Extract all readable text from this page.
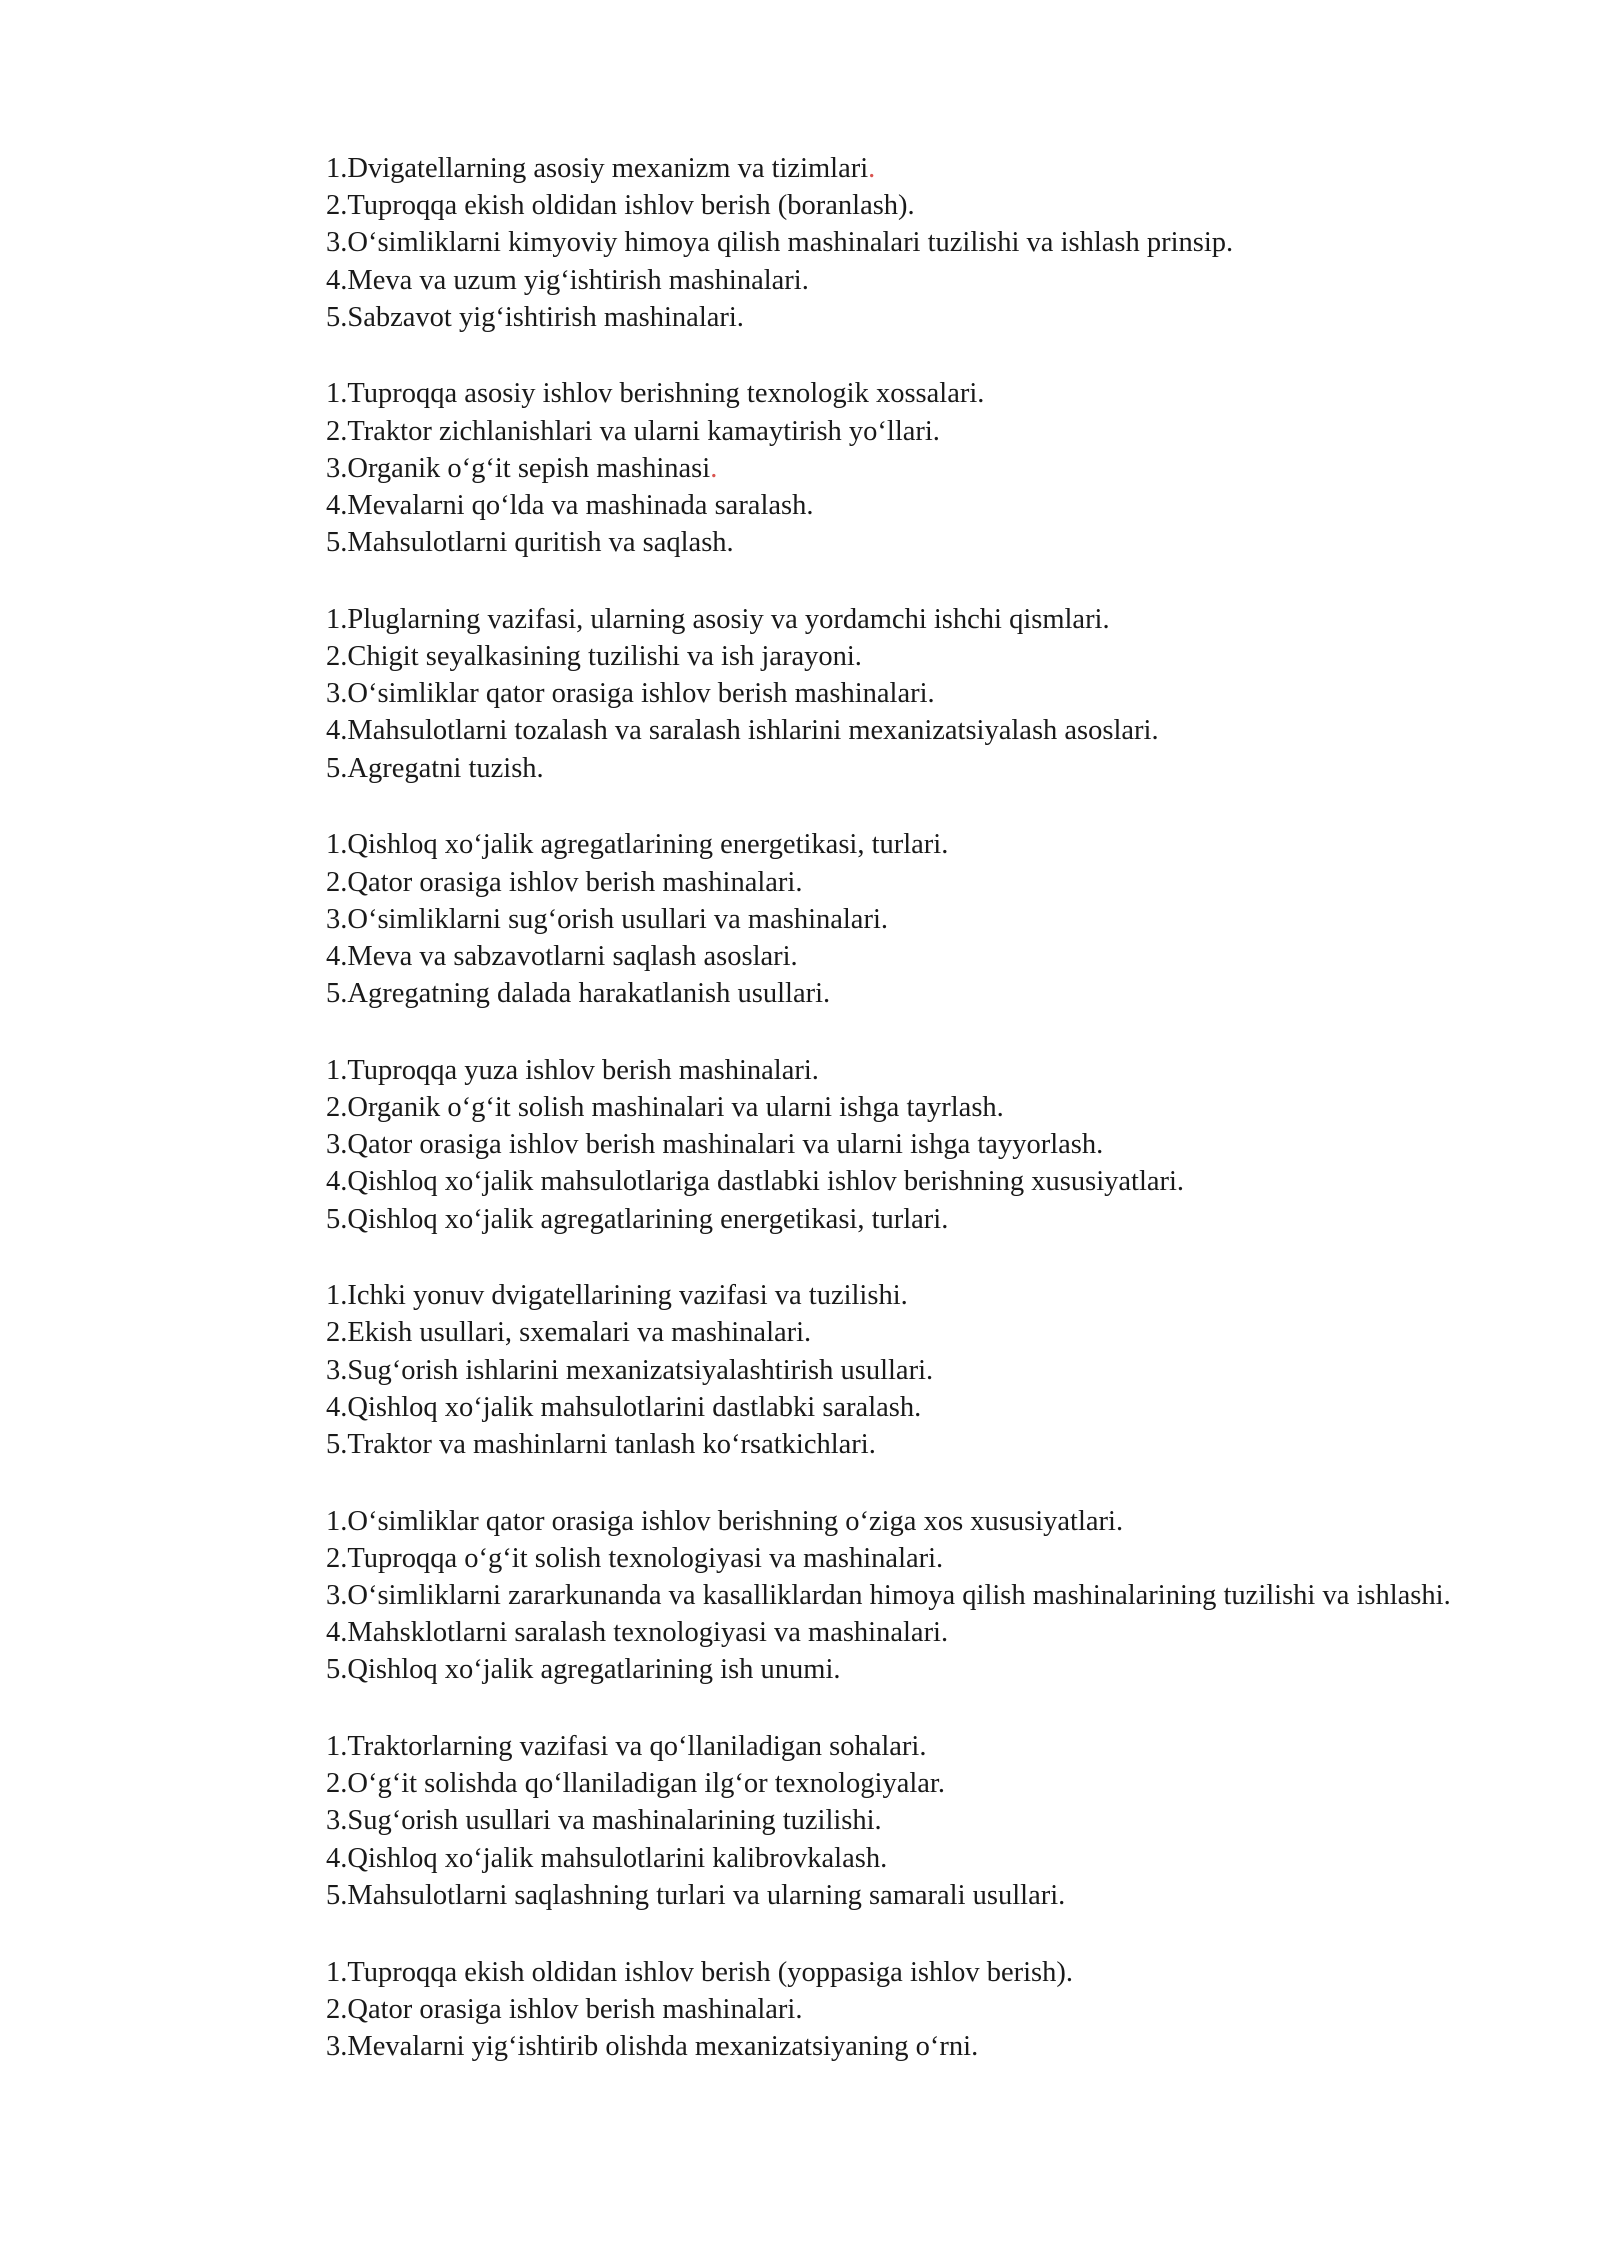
1.Dvigatellarning asosiy mexanizm va tizimlari.
2.Tuproqqa ekish oldidan ishlov berish (boranlash).
3.O‘simliklarni kimyoviy himoya qilish mashinalari tuzilishi va ishlash prinsip.
4.Meva va uzum yig‘ishtirish mashinalari.
5.Sabzavot yig‘ishtirish mashinalari.
1.Tuproqqa asosiy ishlov berishning texnologik xossalari.
2.Traktor zichlanishlari va ularni kamaytirish yo‘llari.
3.Organik o‘g‘it sepish mashinasi.
4.Mevalarni qo‘lda va mashinada saralash.
5.Mahsulotlarni quritish va saqlash.
1.Pluglarning vazifasi, ularning asosiy va yordamchi ishchi qismlari.
2.Chigit seyalkasining tuzilishi va ish jarayoni.
3.O‘simliklar qator orasiga ishlov berish mashinalari.
4.Mahsulotlarni tozalash va saralash ishlarini mexanizatsiyalash asoslari.
5.Agregatni tuzish.
1.Qishloq xo‘jalik agregatlarining energetikasi, turlari.
2.Qator orasiga ishlov berish mashinalari.
3.O‘simliklarni sug‘orish usullari va mashinalari.
4.Meva va sabzavotlarni saqlash asoslari.
5.Agregatning dalada harakatlanish usullari.
1.Tuproqqa yuza ishlov berish mashinalari.
2.Organik o‘g‘it solish mashinalari va ularni ishga tayrlash.
3.Qator orasiga ishlov berish mashinalari va ularni ishga tayyorlash.
4.Qishloq xo‘jalik mahsulotlariga dastlabki ishlov berishning xususiyatlari.
5.Qishloq xo‘jalik agregatlarining energetikasi, turlari.
1.Ichki yonuv dvigatellarining vazifasi va tuzilishi.
2.Ekish usullari, sxemalari va mashinalari.
3.Sug‘orish ishlarini mexanizatsiyalashtirish usullari.
4.Qishloq xo‘jalik mahsulotlarini dastlabki saralash.
5.Traktor va mashinlarni tanlash ko‘rsatkichlari.
1.O‘simliklar qator orasiga ishlov berishning o‘ziga xos xususiyatlari.
2.Tuproqqa o‘g‘it solish texnologiyasi va mashinalari.
3.O‘simliklarni zararkunanda va kasalliklardan himoya qilish mashinalarining tuzilishi va ishlashi.
4.Mahsklotlarni saralash texnologiyasi va mashinalari.
5.Qishloq xo‘jalik agregatlarining ish unumi.
1.Traktorlarning vazifasi va qo‘llaniladigan sohalari.
2.O‘g‘it solishda qo‘llaniladigan ilg‘or texnologiyalar.
3.Sug‘orish usullari va mashinalarining tuzilishi.
4.Qishloq xo‘jalik mahsulotlarini kalibrovkalash.
5.Mahsulotlarni saqlashning turlari va ularning samarali usullari.
1.Tuproqqa ekish oldidan ishlov berish (yoppasiga ishlov berish).
2.Qator orasiga ishlov berish mashinalari.
3.Mevalarni yig‘ishtirib olishda mexanizatsiyaning o‘rni.
